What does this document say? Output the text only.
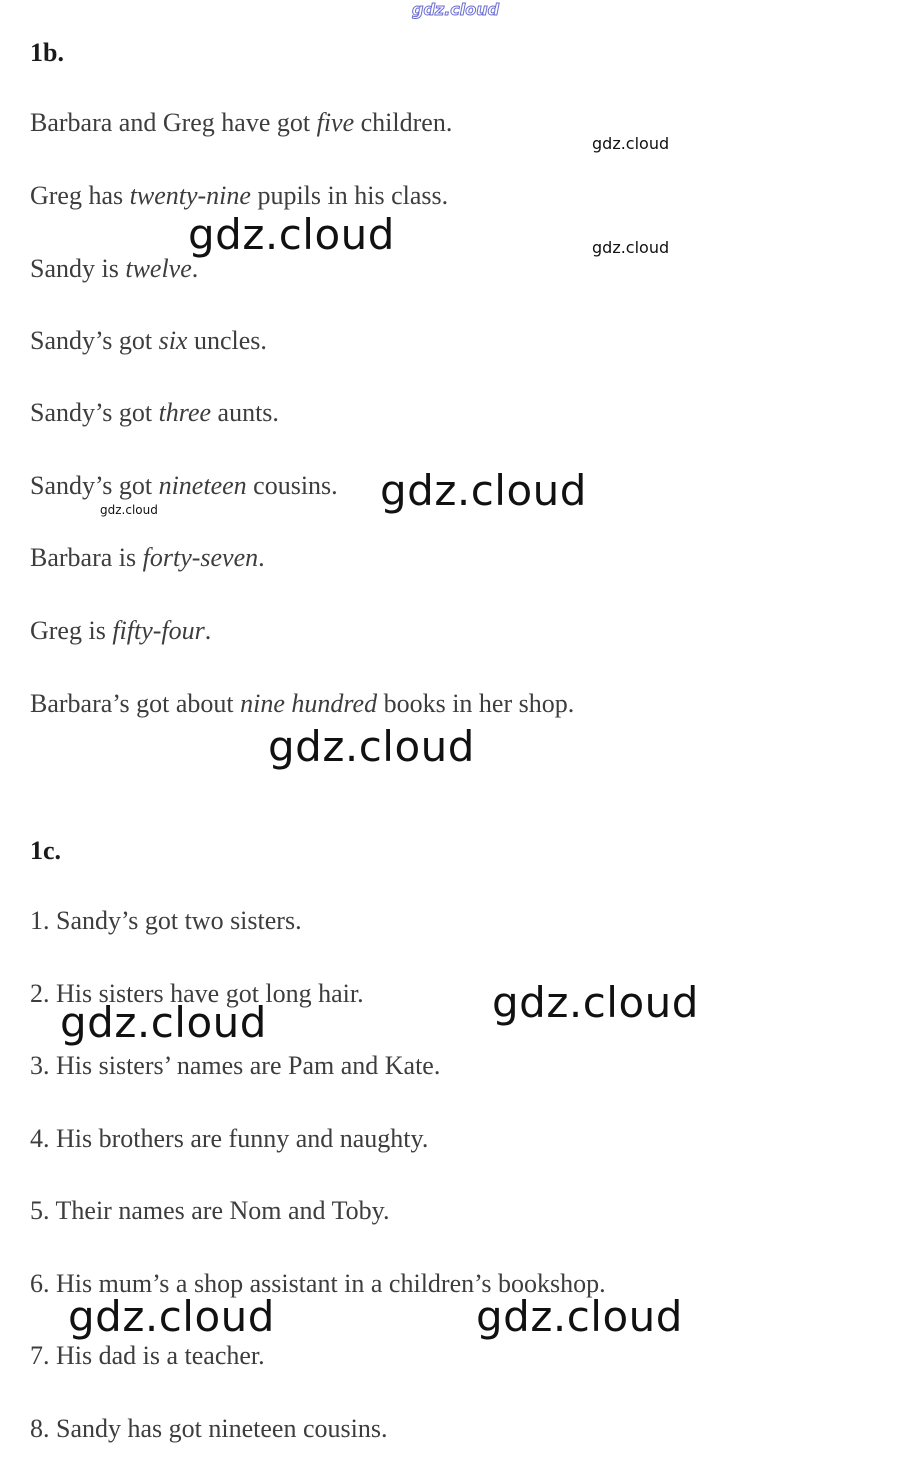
gdz.cloud
1b.
Barbara and Greg have got five children.
Greg has twenty-nine pupils in his class.
Sandy is twelve.
Sandy’s got six uncles.
Sandy’s got three aunts.
Sandy’s got nineteen cousins.
Barbara is forty-seven.
Greg is fifty-four.
Barbara’s got about nine hundred books in her shop.
1c.
1. Sandy’s got two sisters.
2. His sisters have got long hair.
3. His sisters’ names are Pam and Kate.
4. His brothers are funny and naughty.
5. Their names are Nom and Toby.
6. His mum’s a shop assistant in a children’s bookshop.
7. His dad is a teacher.
8. Sandy has got nineteen cousins.
gdz.cloud
gdz.cloud	gdz.cloud
gdz.cloud
gdz.cloud
gdz.cloud
gdz.cloud
gdz.cloud
gdz.cloud	gdz.cloud
